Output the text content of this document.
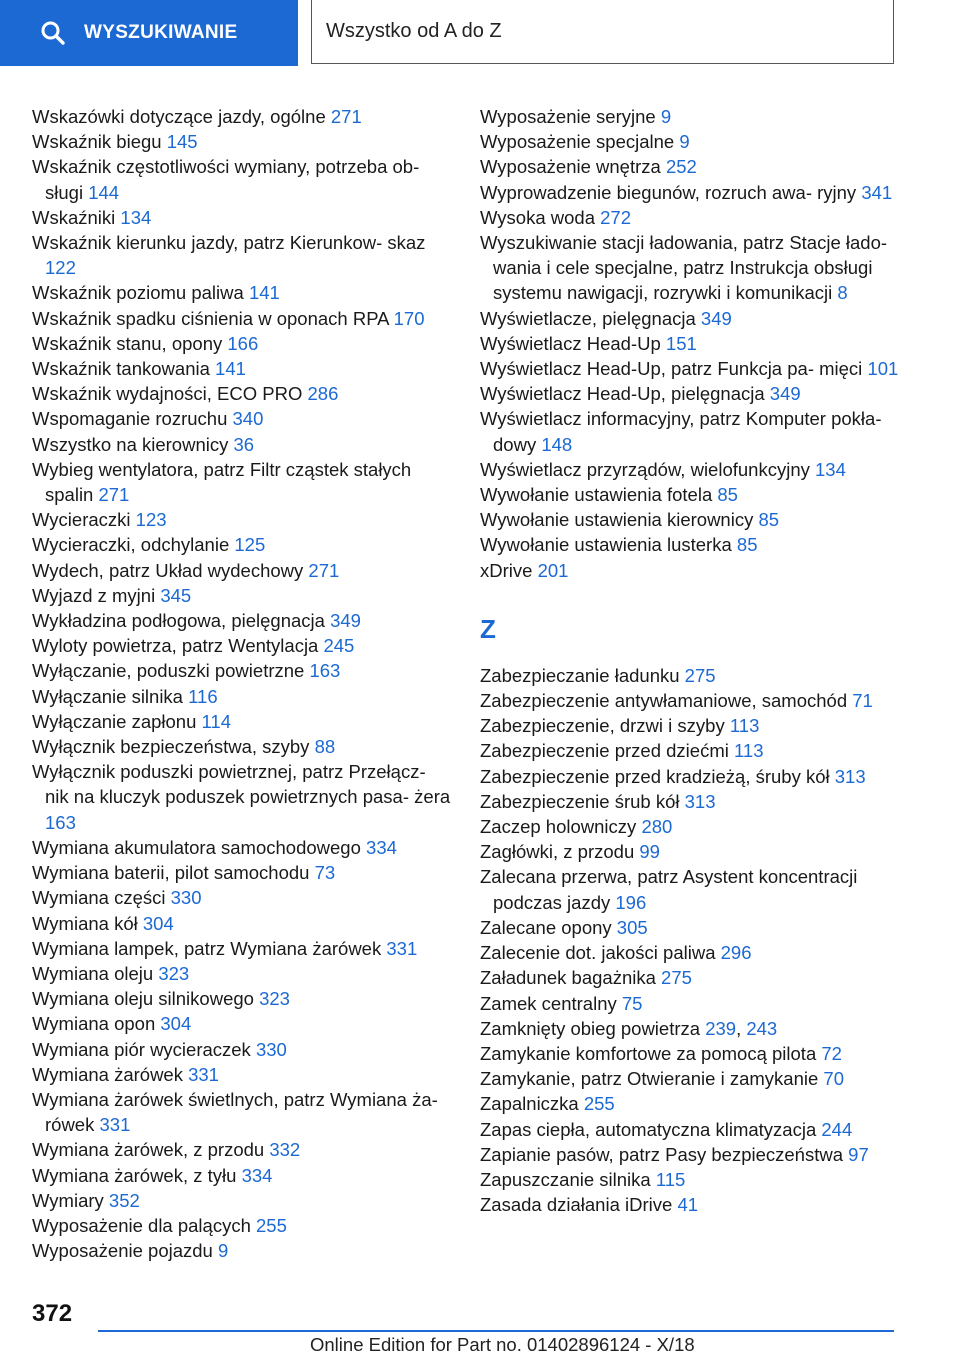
WYSZUKIWANIE	Wszystko od A do Z
Wskazówki dotyczące jazdy, ogólne 271
Wskaźnik biegu 145
Wskaźnik częstotliwości wymiany, potrzeba ob‐ sługi 144
Wskaźniki 134
Wskaźnik kierunku jazdy, patrz Kierunkow‐ skaz 122
Wskaźnik poziomu paliwa 141
Wskaźnik spadku ciśnienia w oponach RPA 170
Wskaźnik stanu, opony 166
Wskaźnik tankowania 141
Wskaźnik wydajności, ECO PRO 286
Wspomaganie rozruchu 340
Wszystko na kierownicy 36
Wybieg wentylatora, patrz Filtr cząstek stałych spalin 271
Wycieraczki 123
Wycieraczki, odchylanie 125
Wydech, patrz Układ wydechowy 271
Wyjazd z myjni 345
Wykładzina podłogowa, pielęgnacja 349
Wyloty powietrza, patrz Wentylacja 245
Wyłączanie, poduszki powietrzne 163
Wyłączanie silnika 116
Wyłączanie zapłonu 114
Wyłącznik bezpieczeństwa, szyby 88
Wyłącznik poduszki powietrznej, patrz Przełącz‐ nik na kluczyk poduszek powietrznych pasa‐ żera 163
Wymiana akumulatora samochodowego 334
Wymiana baterii, pilot samochodu 73
Wymiana części 330
Wymiana kół 304
Wymiana lampek, patrz Wymiana żarówek 331
Wymiana oleju 323
Wymiana oleju silnikowego 323
Wymiana opon 304
Wymiana piór wycieraczek 330
Wymiana żarówek 331
Wymiana żarówek świetlnych, patrz Wymiana ża‐ rówek 331
Wymiana żarówek, z przodu 332
Wymiana żarówek, z tyłu 334
Wymiary 352
Wyposażenie dla palących 255
Wyposażenie pojazdu 9
Wyposażenie seryjne 9
Wyposażenie specjalne 9
Wyposażenie wnętrza 252
Wyprowadzenie biegunów, rozruch awa‐ ryjny 341
Wysoka woda 272
Wyszukiwanie stacji ładowania, patrz Stacje łado‐ wania i cele specjalne, patrz Instrukcja obsługi systemu nawigacji, rozrywki i komunikacji 8
Wyświetlacze, pielęgnacja 349
Wyświetlacz Head-Up 151
Wyświetlacz Head-Up, patrz Funkcja pa‐ mięci 101
Wyświetlacz Head-Up, pielęgnacja 349
Wyświetlacz informacyjny, patrz Komputer pokła‐ dowy 148
Wyświetlacz przyrządów, wielofunkcyjny 134
Wywołanie ustawienia fotela 85
Wywołanie ustawienia kierownicy 85
Wywołanie ustawienia lusterka 85
xDrive 201
Z
Zabezpieczanie ładunku 275
Zabezpieczenie antywłamaniowe, samochód 71
Zabezpieczenie, drzwi i szyby 113
Zabezpieczenie przed dziećmi 113
Zabezpieczenie przed kradzieżą, śruby kół 313
Zabezpieczenie śrub kół 313
Zaczep holowniczy 280
Zagłówki, z przodu 99
Zalecana przerwa, patrz Asystent koncentracji podczas jazdy 196
Zalecane opony 305
Zalecenie dot. jakości paliwa 296
Załadunek bagażnika 275
Zamek centralny 75
Zamknięty obieg powietrza 239, 243
Zamykanie komfortowe za pomocą pilota 72
Zamykanie, patrz Otwieranie i zamykanie 70
Zapalniczka 255
Zapas ciepła, automatyczna klimatyzacja 244
Zapianie pasów, patrz Pasy bezpieczeństwa 97
Zapuszczanie silnika 115
Zasada działania iDrive 41
372
Online Edition for Part no. 01402896124 - X/18
